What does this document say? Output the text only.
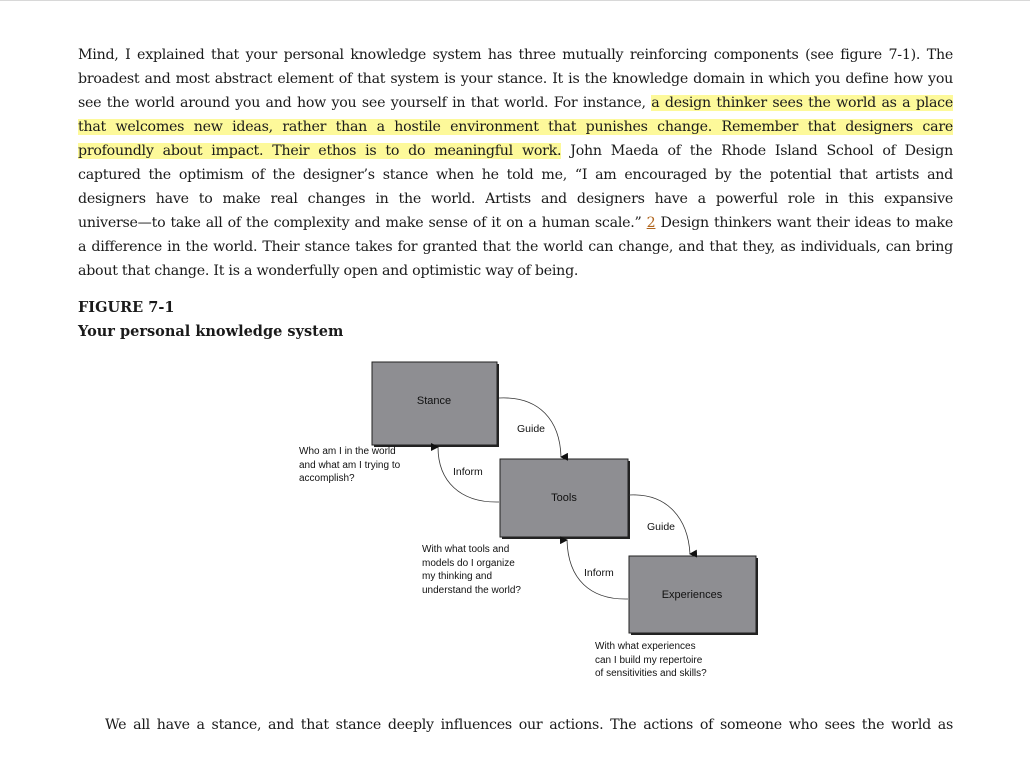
Mind, I explained that your personal knowledge system has three mutually reinforcing components (see figure 7-1). The
broadest and most abstract element of that system is your stance. It is the knowledge domain in which you define how you
see the world around you and how you see yourself in that world. For instance, a design thinker sees the world as a place
that welcomes new ideas, rather than a hostile environment that punishes change. Remember that designers care
profoundly about impact. Their ethos is to do meaningful work. John Maeda of the Rhode Island School of Design
captured the optimism of the designer’s stance when he told me, “I am encouraged by the potential that artists and
designers have to make real changes in the world. Artists and designers have a powerful role in this expansive
universe—to take all of the complexity and make sense of it on a human scale.” 2 Design thinkers want their ideas to make
a difference in the world. Their stance takes for granted that the world can change, and that they, as individuals, can bring
about that change. It is a wonderfully open and optimistic way of being.
FIGURE 7-1
Your personal knowledge system
Stance
Tools
Experiences
Guide
Inform
Guide
Inform
Who am I in the world
and what am I trying to
accomplish?
With what tools and
models do I organize
my thinking and
understand the world?
With what experiences
can I build my repertoire
of sensitivities and skills?
We all have a stance, and that stance deeply influences our actions. The actions of someone who sees the world as
